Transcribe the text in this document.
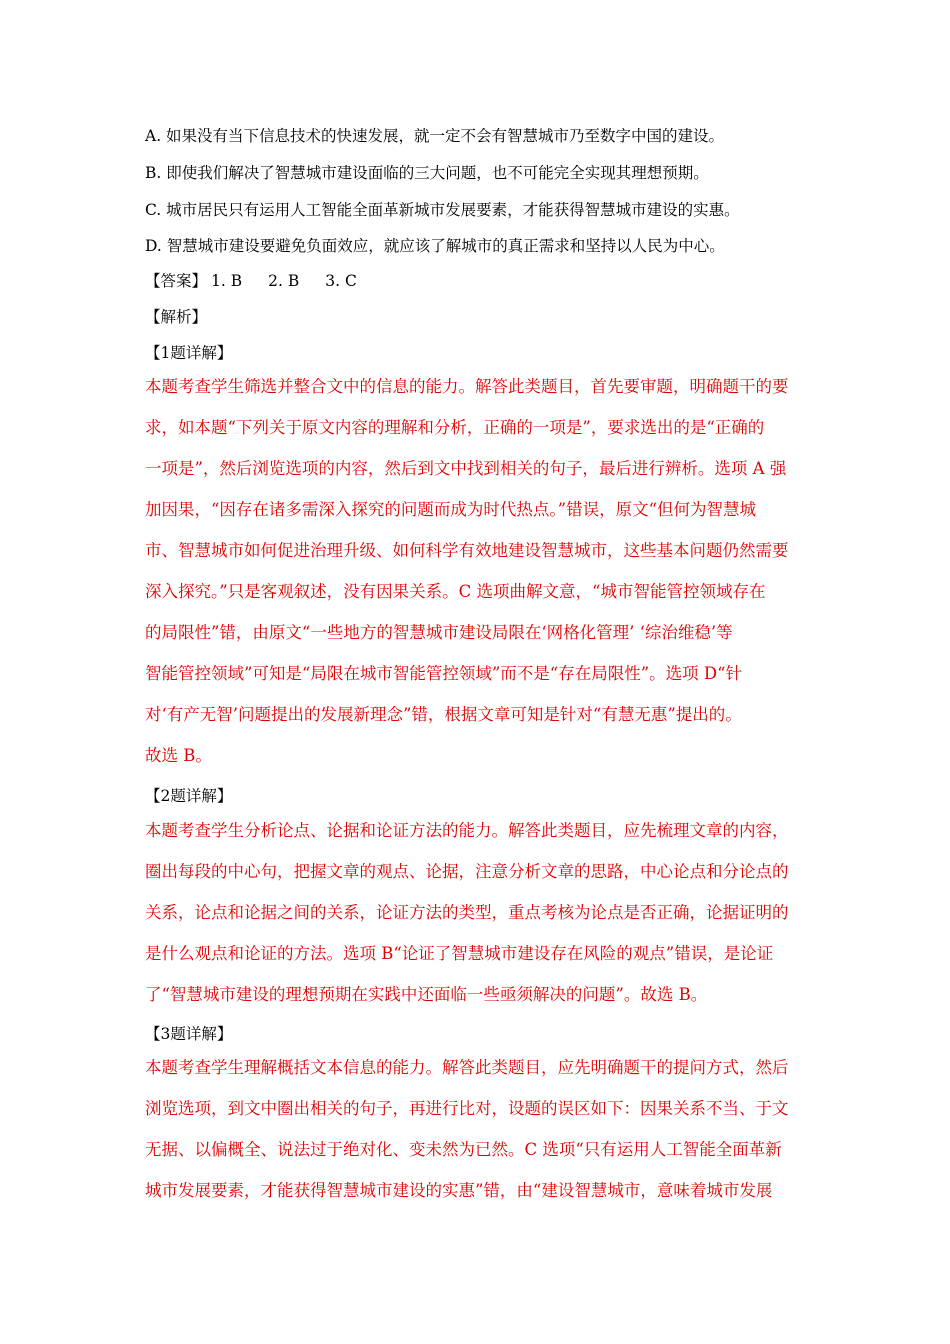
A. 如果没有当下信息技术的快速发展，就一定不会有智慧城市乃至数字中国的建设。
B. 即使我们解决了智慧城市建设面临的三大问题，也不可能完全实现其理想预期。
C. 城市居民只有运用人工智能全面革新城市发展要素，才能获得智慧城市建设的实惠。
D. 智慧城市建设要避免负面效应，就应该了解城市的真正需求和坚持以人民为中心。
【答案】 1. B 2. B 3. C
【解析】
【1题详解】
本题考查学生筛选并整合文中的信息的能力。解答此类题目，首先要审题，明确题干的要
求，如本题“下列关于原文内容的理解和分析，正确的一项是”，要求选出的是“正确的
一项是”，然后浏览选项的内容，然后到文中找到相关的句子，最后进行辨析。选项 A 强
加因果，“因存在诸多需深入探究的问题而成为时代热点。”错误，原文“但何为智慧城
市、智慧城市如何促进治理升级、如何科学有效地建设智慧城市，这些基本问题仍然需要
深入探究。”只是客观叙述，没有因果关系。C 选项曲解文意，“城市智能管控领域存在
的局限性”错，由原文“一些地方的智慧城市建设局限在‘网格化管理’ ‘综治维稳’等
智能管控领域”可知是“局限在城市智能管控领域”而不是“存在局限性”。选项 D“针
对‘有产无智’问题提出的发展新理念”错，根据文章可知是针对“有慧无惠”提出的。
故选 B。
【2题详解】
本题考查学生分析论点、论据和论证方法的能力。解答此类题目，应先梳理文章的内容，
圈出每段的中心句，把握文章的观点、论据，注意分析文章的思路，中心论点和分论点的
关系，论点和论据之间的关系，论证方法的类型，重点考核为论点是否正确，论据证明的
是什么观点和论证的方法。选项 B“论证了智慧城市建设存在风险的观点”错误，是论证
了“智慧城市建设的理想预期在实践中还面临一些亟须解决的问题”。故选 B。
【3题详解】
本题考查学生理解概括文本信息的能力。解答此类题目，应先明确题干的提问方式，然后
浏览选项，到文中圈出相关的句子，再进行比对，设题的误区如下：因果关系不当、于文
无据、以偏概全、说法过于绝对化、变未然为已然。C 选项“只有运用人工智能全面革新
城市发展要素，才能获得智慧城市建设的实惠”错，由“建设智慧城市，意味着城市发展
